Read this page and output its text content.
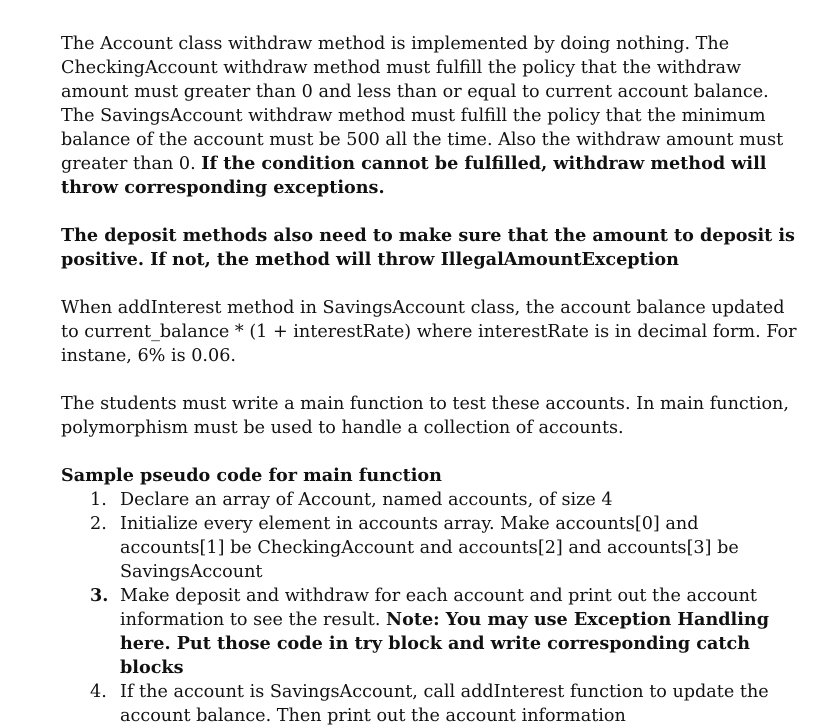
The Account class withdraw method is implemented by doing nothing. The CheckingAccount withdraw method must fulfill the policy that the withdraw amount must greater than 0 and less than or equal to current account balance. The SavingsAccount withdraw method must fulfill the policy that the minimum balance of the account must be 500 all the time. Also the withdraw amount must greater than 0. If the condition cannot be fulfilled, withdraw method will throw corresponding exceptions.

The deposit methods also need to make sure that the amount to deposit is positive. If not, the method will throw IllegalAmountException

When addInterest method in SavingsAccount class, the account balance updated to current_balance * (1 + interestRate) where interestRate is in decimal form. For instane, 6% is 0.06.

The students must write a main function to test these accounts. In main function, polymorphism must be used to handle a collection of accounts.

Sample pseudo code for main function

1. Declare an array of Account, named accounts, of size 4
2. Initialize every element in accounts array. Make accounts[0] and accounts[1] be CheckingAccount and accounts[2] and accounts[3] be SavingsAccount
3. Make deposit and withdraw for each account and print out the account information to see the result. Note: You may use Exception Handling here. Put those code in try block and write corresponding catch blocks
4. If the account is SavingsAccount, call addInterest function to update the account balance. Then print out the account information
